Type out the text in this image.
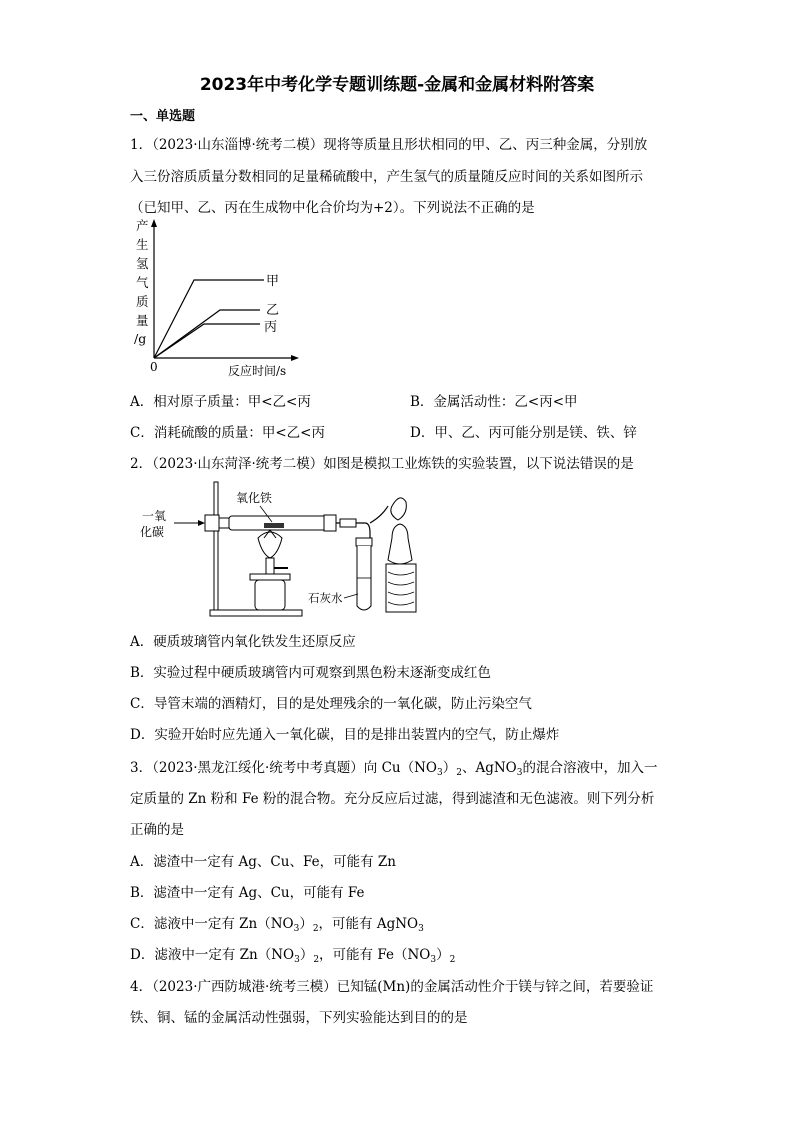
2023年中考化学专题训练题-金属和金属材料附答案
一、单选题
1．（2023·山东淄博·统考二模）现将等质量且形状相同的甲、乙、丙三种金属，分别放
入三份溶质质量分数相同的足量稀硫酸中，产生氢气的质量随反应时间的关系如图所示
（已知甲、乙、丙在生成物中化合价均为+2）。下列说法不正确的是
产
生
氢
气
质
量
/g
甲
乙
丙
0	反应时间/s
A．相对原子质量：甲<乙<丙	B．金属活动性：乙<丙<甲
C．消耗硫酸的质量：甲<乙<丙	D．甲、乙、丙可能分别是镁、铁、锌
2．（2023·山东菏泽·统考二模）如图是模拟工业炼铁的实验装置，以下说法错误的是
一氧
化碳
氧化铁
石灰水
A．硬质玻璃管内氧化铁发生还原反应
B．实验过程中硬质玻璃管内可观察到黑色粉末逐渐变成红色
C．导管末端的酒精灯，目的是处理残余的一氧化碳，防止污染空气
D．实验开始时应先通入一氧化碳，目的是排出装置内的空气，防止爆炸
3．（2023·黑龙江绥化·统考中考真题）向 $Cu(NO_3)_2$、AgNO$_3$的混合溶液中，加入一
定质量的 Zn 粉和 Fe 粉的混合物。充分反应后过滤，得到滤渣和无色滤液。则下列分析
正确的是
A．滤渣中一定有 Ag、Cu、Fe，可能有 Zn
B．滤渣中一定有 Ag、Cu，可能有 Fe
C．滤液中一定有 $Zn(NO_3)_2$，可能有 AgNO$_3$
D．滤液中一定有 $Zn(NO_3)_2$，可能有 $Fe(NO_3)_2$
4．（2023·广西防城港·统考三模）已知锰(Mn)的金属活动性介于镁与锌之间，若要验证
铁、铜、锰的金属活动性强弱，下列实验能达到目的的是
